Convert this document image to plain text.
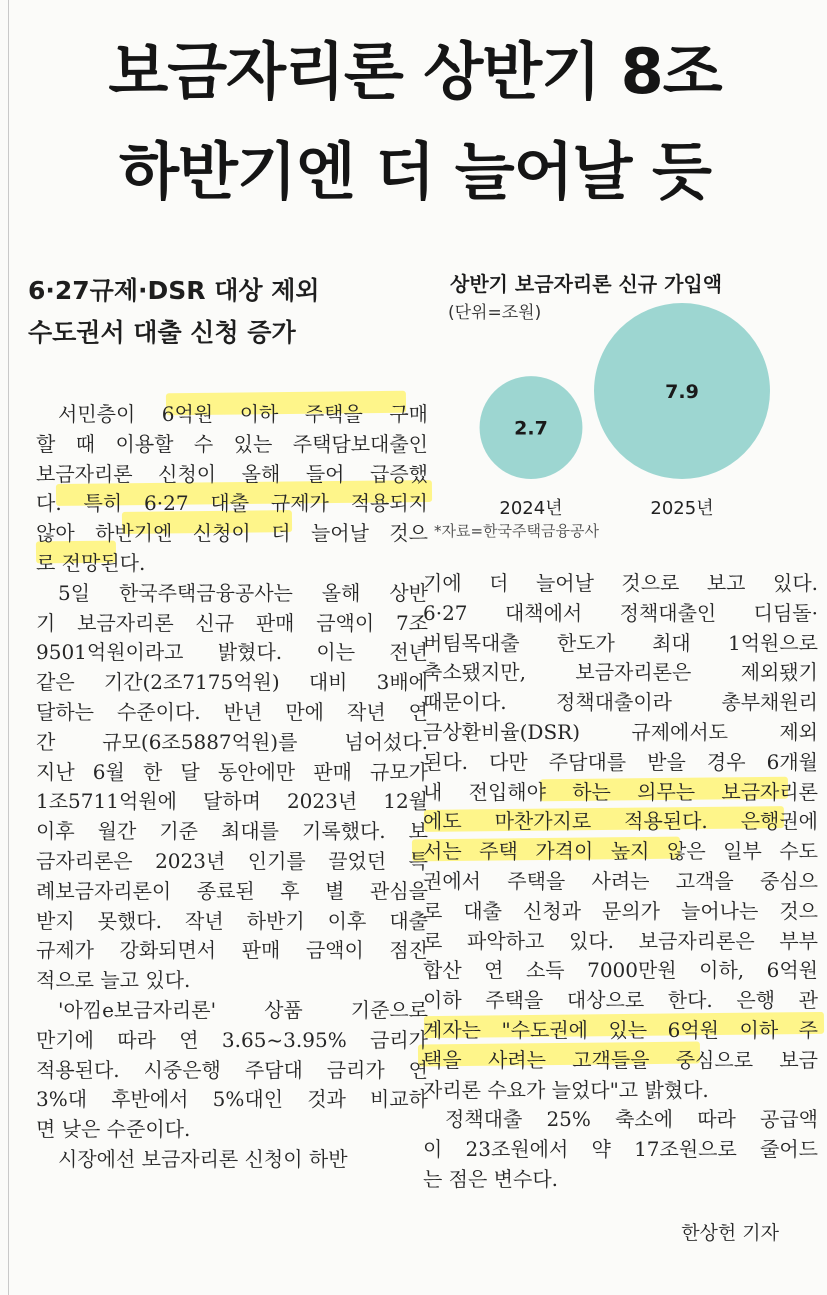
보금자리론 상반기 8조
하반기엔 더 늘어날 듯
6·27규제·DSR 대상 제외
수도권서 대출 신청 증가
서민층이 6억원 이하 주택을 구매
할 때 이용할 수 있는 주택담보대출인
보금자리론 신청이 올해 들어 급증했
다. 특히 6·27 대출 규제가 적용되지
않아 하반기엔 신청이 더 늘어날 것으
로 전망된다.
5일 한국주택금융공사는 올해 상반
기 보금자리론 신규 판매 금액이 7조
9501억원이라고 밝혔다. 이는 전년
같은 기간(2조7175억원) 대비 3배에
달하는 수준이다. 반년 만에 작년 연
간 규모(6조5887억원)를 넘어섰다.
지난 6월 한 달 동안에만 판매 규모가
1조5711억원에 달하며 2023년 12월
이후 월간 기준 최대를 기록했다. 보
금자리론은 2023년 인기를 끌었던 특
례보금자리론이 종료된 후 별 관심을
받지 못했다. 작년 하반기 이후 대출
규제가 강화되면서 판매 금액이 점진
적으로 늘고 있다.
'아낌e보금자리론' 상품 기준으로
만기에 따라 연 3.65~3.95% 금리가
적용된다. 시중은행 주담대 금리가 연
3%대 후반에서 5%대인 것과 비교하
면 낮은 수준이다.
시장에선 보금자리론 신청이 하반
상반기 보금자리론 신규 가입액
(단위=조원)
2.7
2024년
7.9
2025년
*자료=한국주택금융공사
기에 더 늘어날 것으로 보고 있다.
6·27 대책에서 정책대출인 디딤돌·
버팀목대출 한도가 최대 1억원으로
축소됐지만, 보금자리론은 제외됐기
때문이다. 정책대출이라 총부채원리
금상환비율(DSR) 규제에서도 제외
된다. 다만 주담대를 받을 경우 6개월
내 전입해야 하는 의무는 보금자리론
에도 마찬가지로 적용된다. 은행권에
서는 주택 가격이 높지 않은 일부 수도
권에서 주택을 사려는 고객을 중심으
로 대출 신청과 문의가 늘어나는 것으
로 파악하고 있다. 보금자리론은 부부
합산 연 소득 7000만원 이하, 6억원
이하 주택을 대상으로 한다. 은행 관
계자는 "수도권에 있는 6억원 이하 주
택을 사려는 고객들을 중심으로 보금
자리론 수요가 늘었다"고 밝혔다.
정책대출 25% 축소에 따라 공급액
이 23조원에서 약 17조원으로 줄어드
는 점은 변수다.
한상헌 기자
